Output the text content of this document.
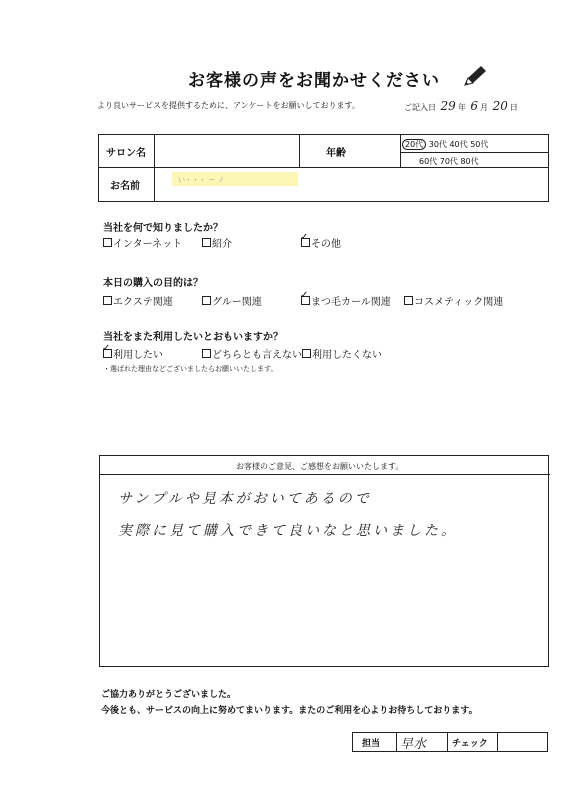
お客様の声をお聞かせください
より良いサービスを提供するために、アンケートをお願いしております。	ご記入日 29 年 6 月 20 日
サロン名	年齢
20代 30代 40代 50代
60代 70代 80代
お名前
い・・・ ー ノ
当社を何で知りましたか？
インターネット	紹介
✓
その他
本日の購入の目的は？
エクステ関連	グルー関連
✓
まつ毛カール関連	コスメティック関連
当社をまた利用したいとおもいますか？
✓
利用したい	どちらとも言えない	利用したくない
・選ばれた理由などございましたらお願いいたします。
お客様のご意見、ご感想をお願いいたします。
サンプルや見本がおいてあるので
実際に見て購入できて良いなと思いました。
ご協力ありがとうございました。
今後とも、サービスの向上に努めてまいります。またのご利用を心よりお待ちしております。
担当 早水	チェック
